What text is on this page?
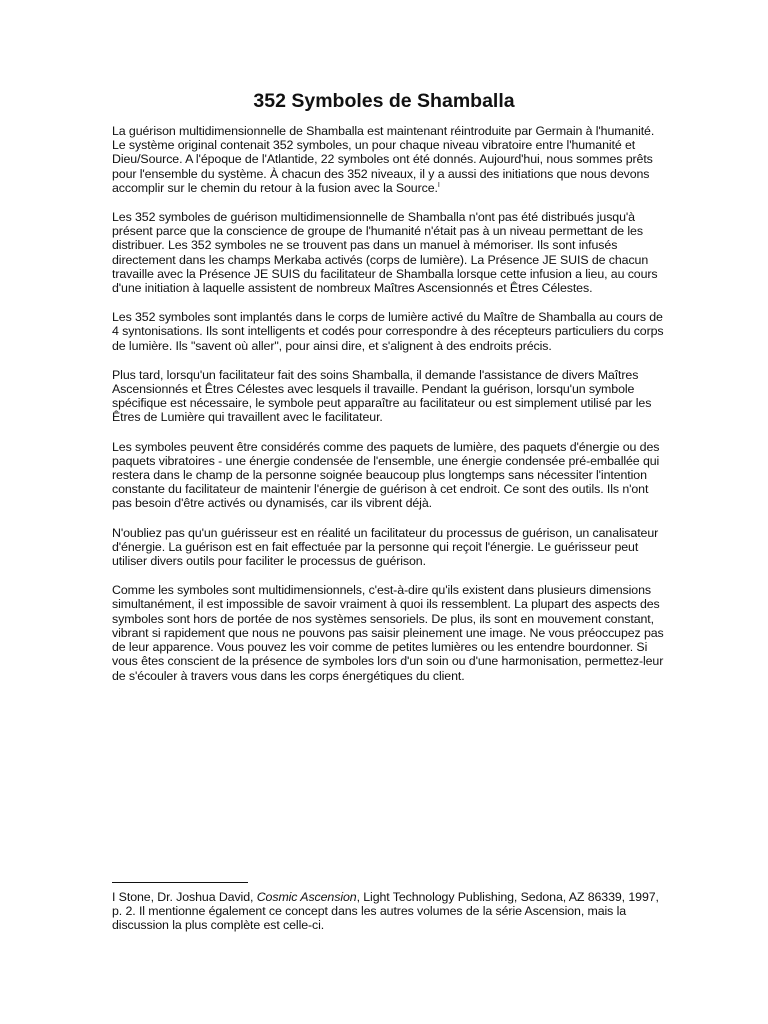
352 Symboles de Shamballa

La guérison multidimensionnelle de Shamballa est maintenant réintroduite par Germain à l'humanité. Le système original contenait 352 symboles, un pour chaque niveau vibratoire entre l'humanité et Dieu/Source. A l'époque de l'Atlantide, 22 symboles ont été donnés. Aujourd'hui, nous sommes prêts pour l'ensemble du système. À chacun des 352 niveaux, il y a aussi des initiations que nous devons accomplir sur le chemin du retour à la fusion avec la Source.$^I$

Les 352 symboles de guérison multidimensionnelle de Shamballa n'ont pas été distribués jusqu'à présent parce que la conscience de groupe de l'humanité n'était pas à un niveau permettant de les distribuer. Les 352 symboles ne se trouvent pas dans un manuel à mémoriser. Ils sont infusés directement dans les champs Merkaba activés (corps de lumière). La Présence JE SUIS de chacun travaille avec la Présence JE SUIS du facilitateur de Shamballa lorsque cette infusion a lieu, au cours d'une initiation à laquelle assistent de nombreux Maîtres Ascensionnés et Êtres Célestes.

Les 352 symboles sont implantés dans le corps de lumière activé du Maître de Shamballa au cours de 4 syntonisations. Ils sont intelligents et codés pour correspondre à des récepteurs particuliers du corps de lumière. Ils "savent où aller", pour ainsi dire, et s'alignent à des endroits précis.

Plus tard, lorsqu'un facilitateur fait des soins Shamballa, il demande l'assistance de divers Maîtres Ascensionnés et Êtres Célestes avec lesquels il travaille. Pendant la guérison, lorsqu'un symbole spécifique est nécessaire, le symbole peut apparaître au facilitateur ou est simplement utilisé par les Êtres de Lumière qui travaillent avec le facilitateur.

Les symboles peuvent être considérés comme des paquets de lumière, des paquets d'énergie ou des paquets vibratoires - une énergie condensée de l'ensemble, une énergie condensée pré-emballée qui restera dans le champ de la personne soignée beaucoup plus longtemps sans nécessiter l'intention constante du facilitateur de maintenir l'énergie de guérison à cet endroit. Ce sont des outils. Ils n'ont pas besoin d'être activés ou dynamisés, car ils vibrent déjà.

N'oubliez pas qu'un guérisseur est en réalité un facilitateur du processus de guérison, un canalisateur d'énergie. La guérison est en fait effectuée par la personne qui reçoit l'énergie. Le guérisseur peut utiliser divers outils pour faciliter le processus de guérison.

Comme les symboles sont multidimensionnels, c'est-à-dire qu'ils existent dans plusieurs dimensions simultanément, il est impossible de savoir vraiment à quoi ils ressemblent. La plupart des aspects des symboles sont hors de portée de nos systèmes sensoriels. De plus, ils sont en mouvement constant, vibrant si rapidement que nous ne pouvons pas saisir pleinement une image. Ne vous préoccupez pas de leur apparence. Vous pouvez les voir comme de petites lumières ou les entendre bourdonner. Si vous êtes conscient de la présence de symboles lors d'un soin ou d'une harmonisation, permettez-leur de s'écouler à travers vous dans les corps énergétiques du client.

I Stone, Dr. Joshua David, Cosmic Ascension, Light Technology Publishing, Sedona, AZ 86339, 1997,

p. 2. Il mentionne également ce concept dans les autres volumes de la série Ascension, mais la discussion la plus complète est celle-ci.
